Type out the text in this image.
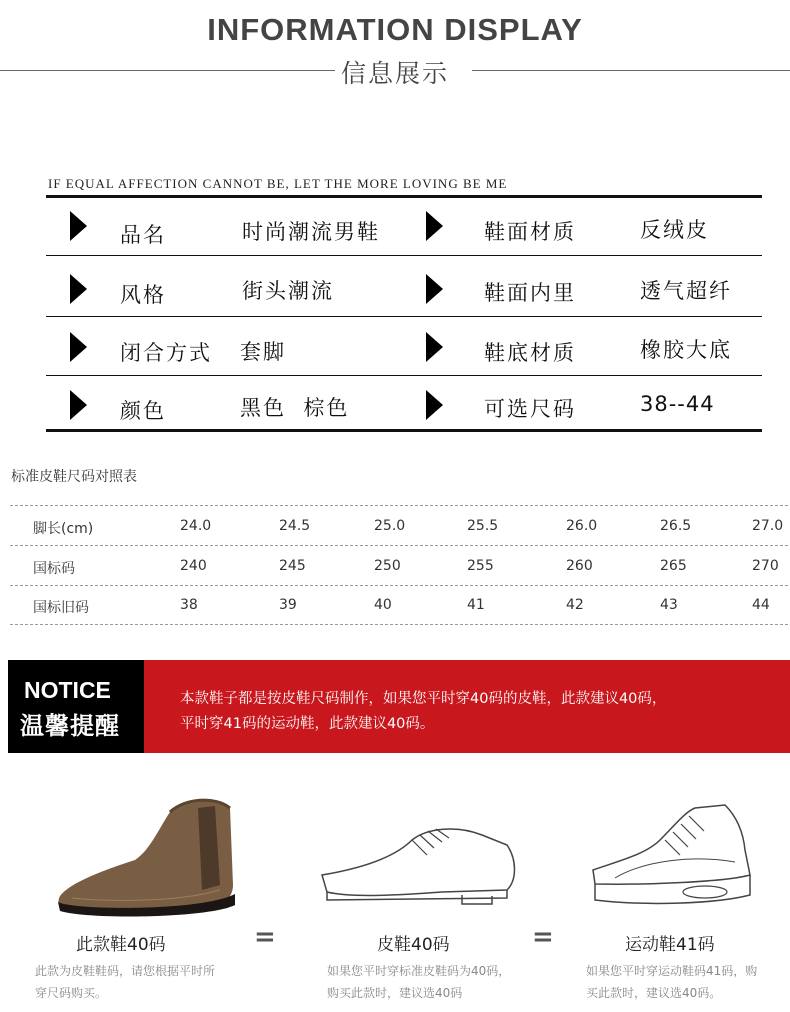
INFORMATION DISPLAY
信息展示
IF EQUAL AFFECTION CANNOT BE, LET THE MORE LOVING BE ME
品名	时尚潮流男鞋	鞋面材质	反绒皮
风格	街头潮流	鞋面内里	透气超纤
闭合方式 套脚	鞋底材质	橡胶大底
颜色	黑色  棕色	可选尺码	38--44
标准皮鞋尺码对照表
脚长(cm)	24.0	24.5	25.0	25.5	26.0	26.5	27.0
国标码	240	245	250	255	260	265	270
国标旧码	38	39	40	41	42	43	44
NOTICE
温馨提醒
本款鞋子都是按皮鞋尺码制作，如果您平时穿40码的皮鞋，此款建议40码，
平时穿41码的运动鞋，此款建议40码。
此款鞋40码	=	皮鞋40码	=	运动鞋41码
此款为皮鞋鞋码，请您根据平时所
穿尺码购买。
如果您平时穿标准皮鞋码为40码，
购买此款时，建议选40码
如果您平时穿运动鞋码41码，购
买此款时，建议选40码。
